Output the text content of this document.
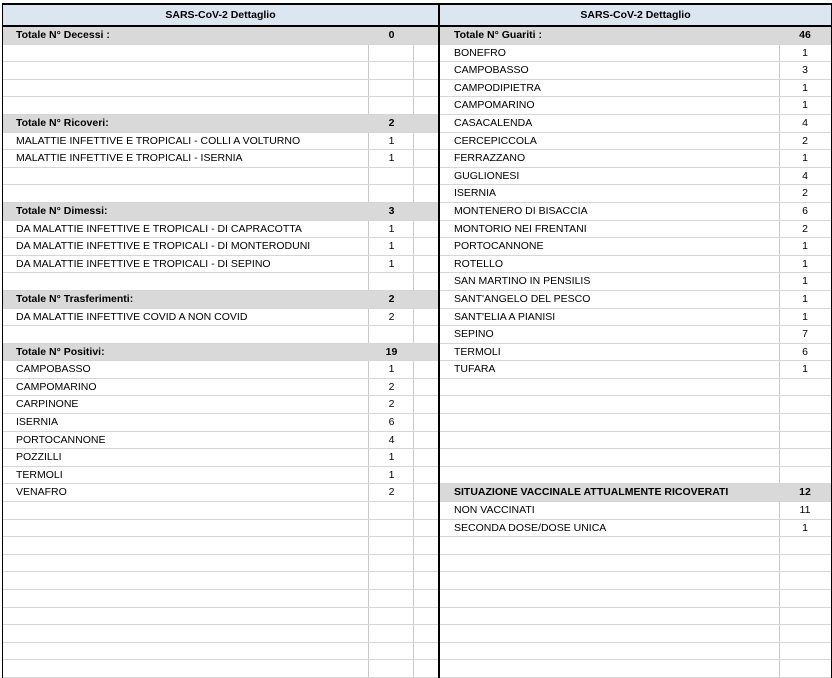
SARS-CoV-2 Dettaglio
Totale N° Decessi :	0
Totale N° Ricoveri:	2
MALATTIE INFETTIVE E TROPICALI - COLLI A VOLTURNO	1
MALATTIE INFETTIVE E TROPICALI - ISERNIA	1
Totale N° Dimessi:	3
DA MALATTIE INFETTIVE E TROPICALI - DI CAPRACOTTA	1
DA MALATTIE INFETTIVE E TROPICALI - DI MONTERODUNI	1
DA MALATTIE INFETTIVE E TROPICALI - DI SEPINO	1
Totale N° Trasferimenti:	2
DA MALATTIE INFETTIVE COVID A NON COVID	2
Totale N° Positivi:	19
CAMPOBASSO	1
CAMPOMARINO	2
CARPINONE	2
ISERNIA	6
PORTOCANNONE	4
POZZILLI	1
TERMOLI	1
VENAFRO	2
SARS-CoV-2 Dettaglio
Totale N° Guariti :	46
BONEFRO	1
CAMPOBASSO	3
CAMPODIPIETRA	1
CAMPOMARINO	1
CASACALENDA	4
CERCEPICCOLA	2
FERRAZZANO	1
GUGLIONESI	4
ISERNIA	2
MONTENERO DI BISACCIA	6
MONTORIO NEI FRENTANI	2
PORTOCANNONE	1
ROTELLO	1
SAN MARTINO IN PENSILIS	1
SANT'ANGELO DEL PESCO	1
SANT'ELIA A PIANISI	1
SEPINO	7
TERMOLI	6
TUFARA	1
SITUAZIONE VACCINALE ATTUALMENTE RICOVERATI	12
NON VACCINATI	11
SECONDA DOSE/DOSE UNICA	1
